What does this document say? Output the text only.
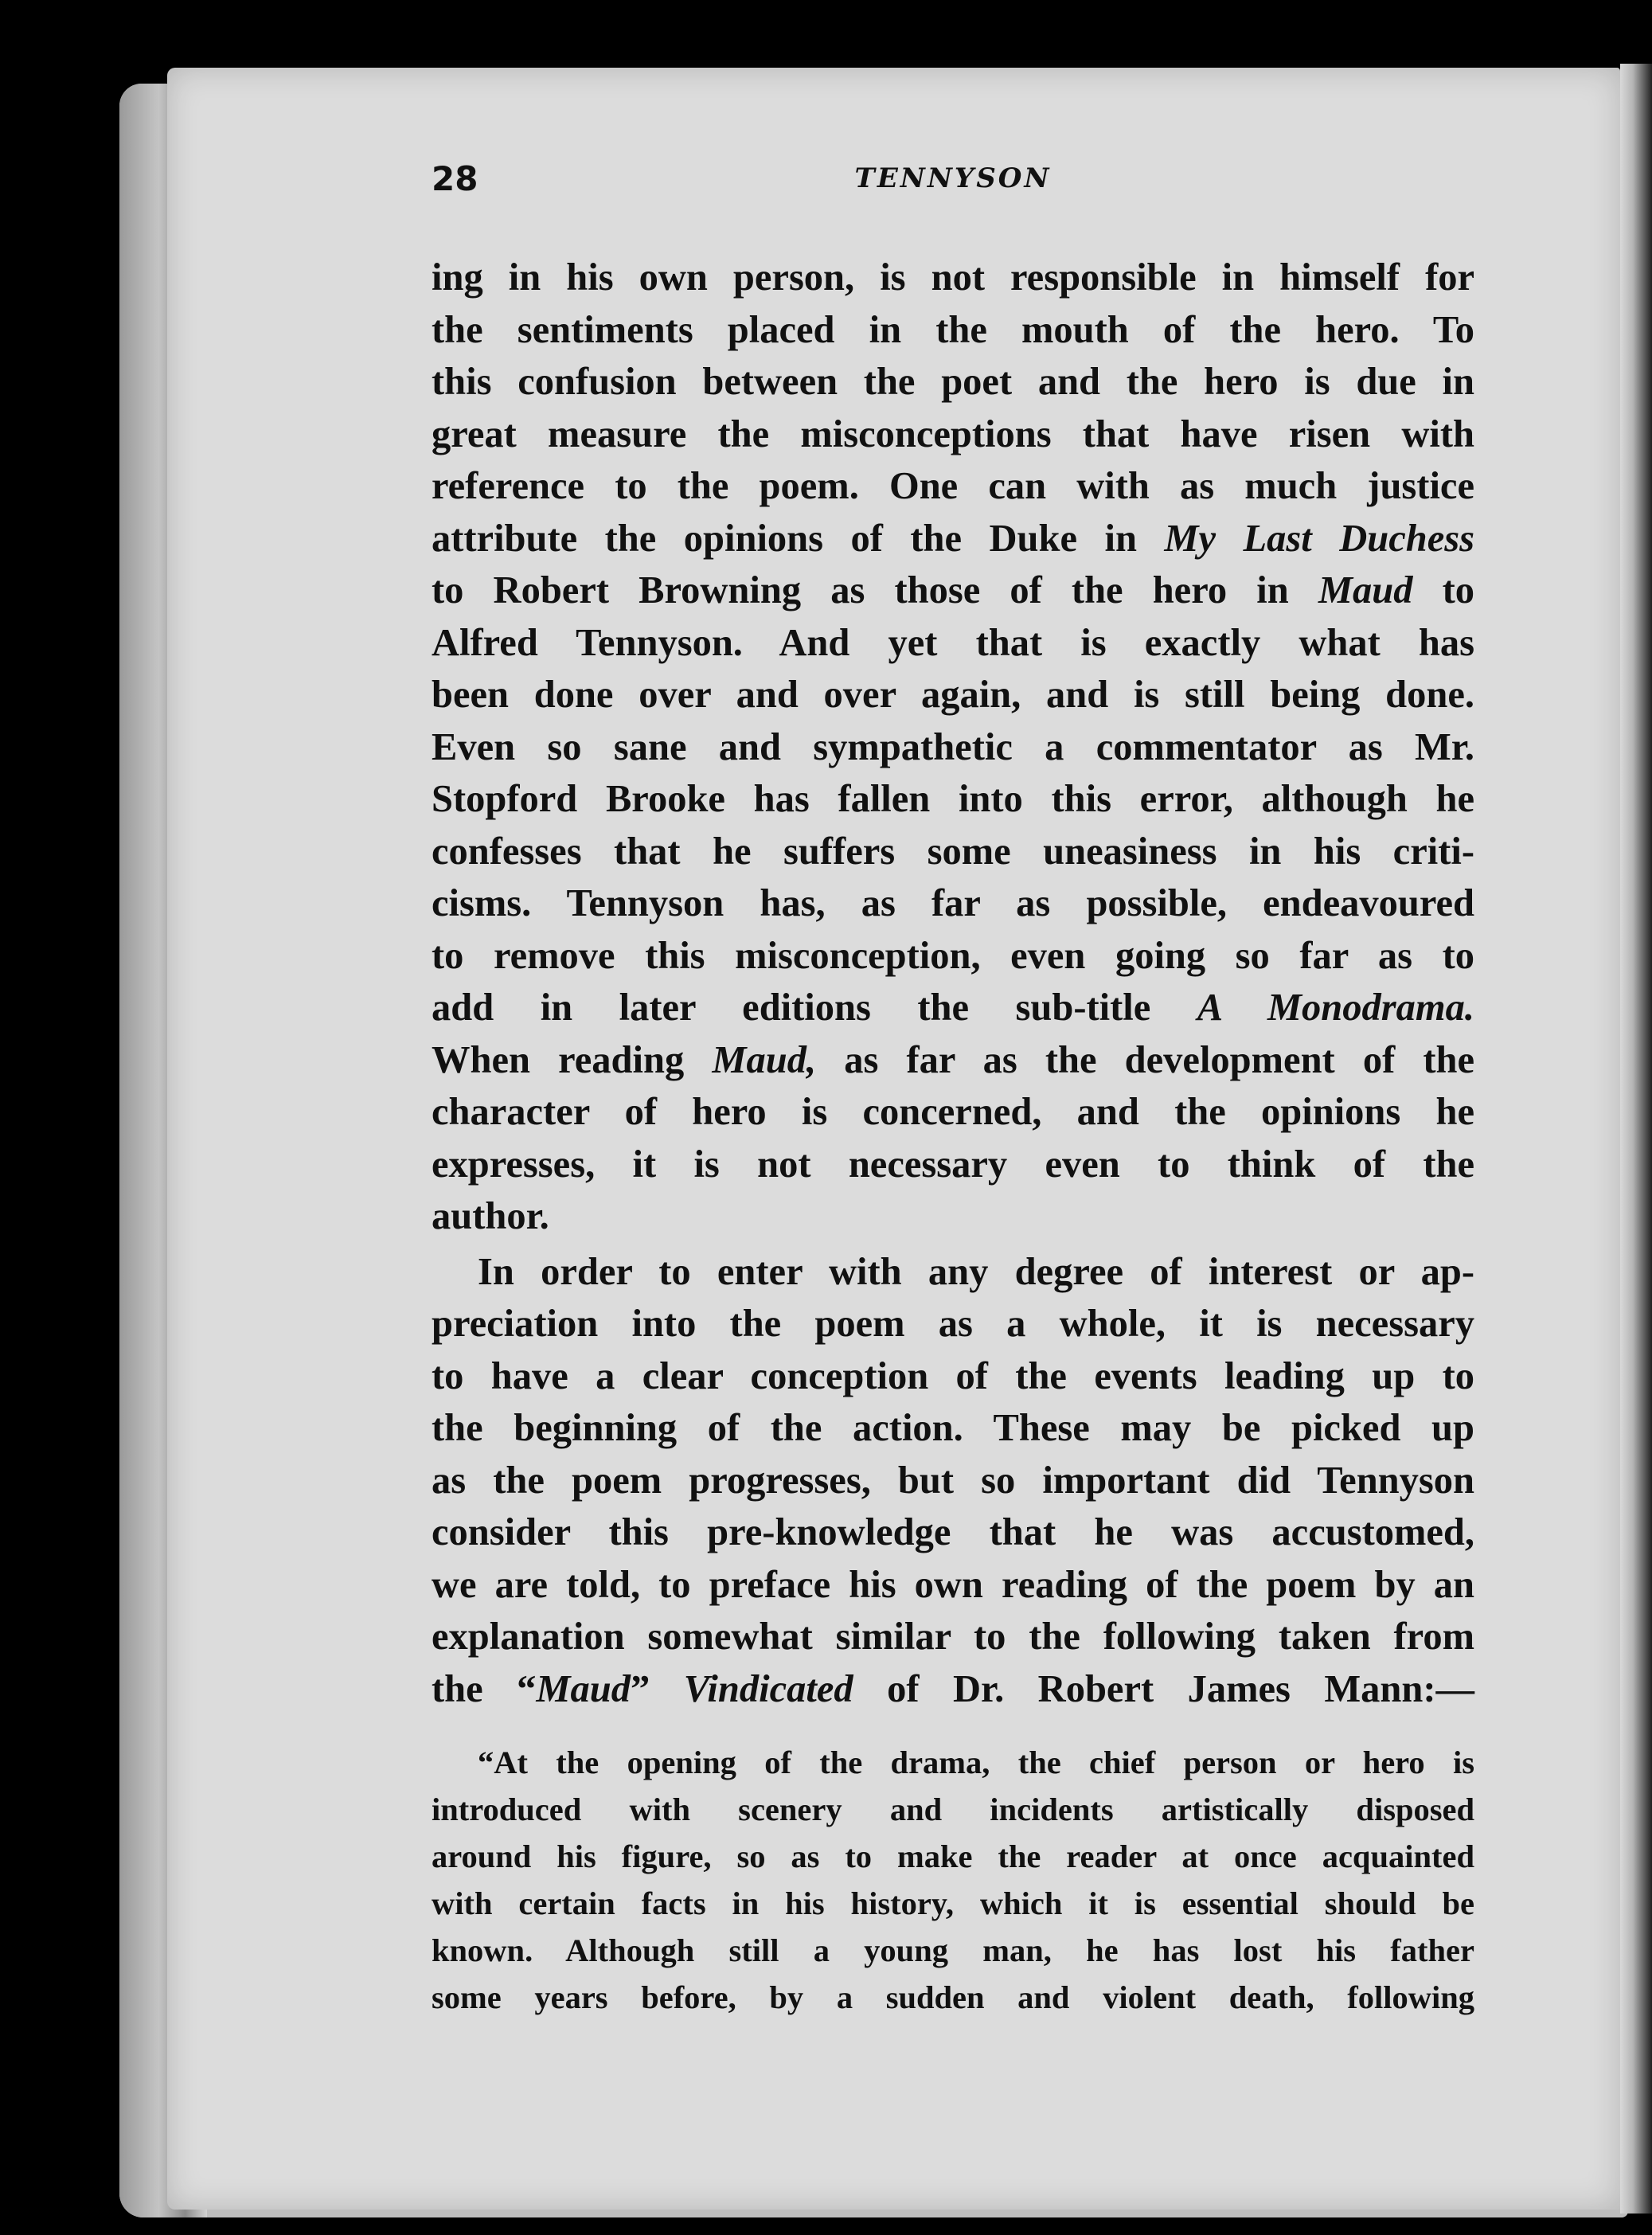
28	TENNYSON

ing in his own person, is not responsible in himself for
the sentiments placed in the mouth of the hero. To
this confusion between the poet and the hero is due in
great measure the misconceptions that have risen with
reference to the poem. One can with as much justice
attribute the opinions of the Duke in My Last Duchess
to Robert Browning as those of the hero in Maud to
Alfred Tennyson. And yet that is exactly what has
been done over and over again, and is still being done.
Even so sane and sympathetic a commentator as Mr.
Stopford Brooke has fallen into this error, although he
confesses that he suffers some uneasiness in his criti-
cisms. Tennyson has, as far as possible, endeavoured
to remove this misconception, even going so far as to
add in later editions the sub-title A Monodrama.
When reading Maud, as far as the development of the
character of hero is concerned, and the opinions he
expresses, it is not necessary even to think of the
author.

In order to enter with any degree of interest or ap-
preciation into the poem as a whole, it is necessary
to have a clear conception of the events leading up to
the beginning of the action. These may be picked up
as the poem progresses, but so important did Tennyson
consider this pre-knowledge that he was accustomed,
we are told, to preface his own reading of the poem by an
explanation somewhat similar to the following taken from
the “Maud” Vindicated of Dr. Robert James Mann:—

“At the opening of the drama, the chief person or hero is
introduced with scenery and incidents artistically disposed
around his figure, so as to make the reader at once acquainted
with certain facts in his history, which it is essential should be
known. Although still a young man, he has lost his father
some years before, by a sudden and violent death, following
